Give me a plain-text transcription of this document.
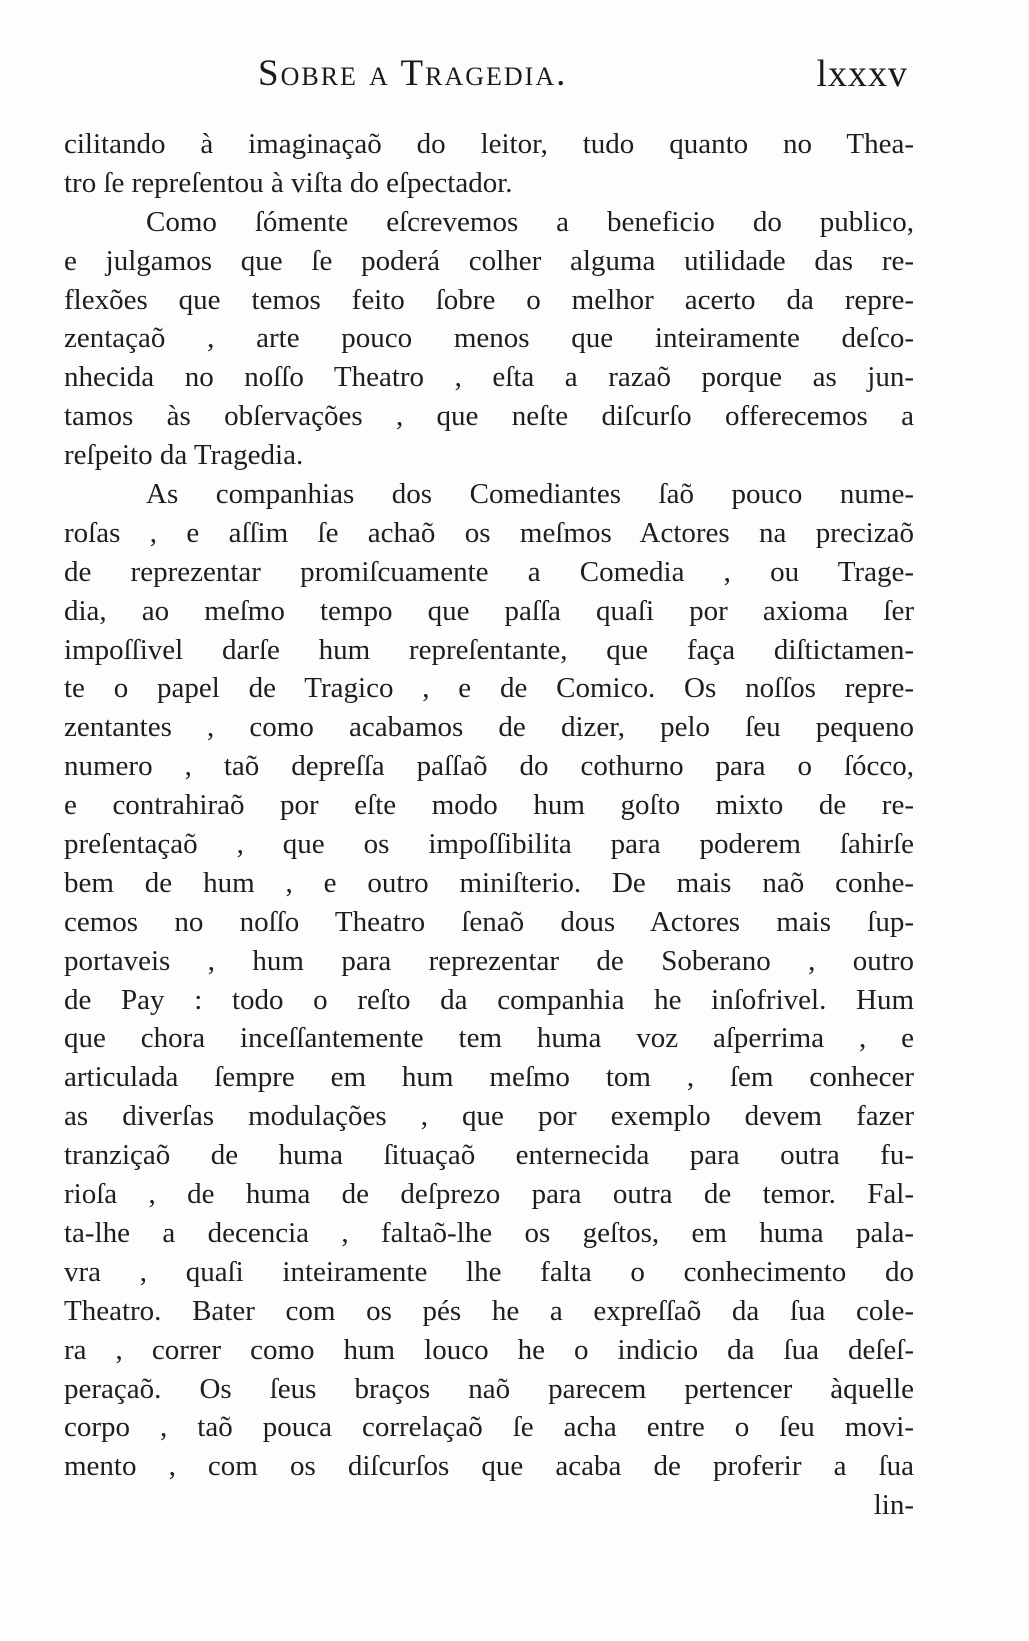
Sobre a Tragedia.	lxxxv
cilitando à imaginaçaõ do leitor, tudo quanto no Thea-
tro ſe repreſentou à viſta do eſpectador.
Como ſómente eſcrevemos a beneficio do publico,
e julgamos que ſe poderá colher alguma utilidade das re-
flexões que temos feito ſobre o melhor acerto da repre-
zentaçaõ , arte pouco menos que inteiramente deſco-
nhecida no noſſo Theatro , eſta a razaõ porque as jun-
tamos às obſervações , que neſte diſcurſo offerecemos a
reſpeito da Tragedia.
As companhias dos Comediantes ſaõ pouco nume-
roſas , e aſſim ſe achaõ os meſmos Actores na precizaõ
de reprezentar promiſcuamente a Comedia , ou Trage-
dia, ao meſmo tempo que paſſa quaſi por axioma ſer
impoſſivel darſe hum repreſentante, que faça diſtictamen-
te o papel de Tragico , e de Comico. Os noſſos repre-
zentantes , como acabamos de dizer, pelo ſeu pequeno
numero , taõ depreſſa paſſaõ do cothurno para o ſócco,
e contrahiraõ por eſte modo hum goſto mixto de re-
preſentaçaõ , que os impoſſibilita para poderem ſahirſe
bem de hum , e outro miniſterio. De mais naõ conhe-
cemos no noſſo Theatro ſenaõ dous Actores mais ſup-
portaveis , hum para reprezentar de Soberano , outro
de Pay : todo o reſto da companhia he inſofrivel. Hum
que chora inceſſantemente tem huma voz aſperrima , e
articulada ſempre em hum meſmo tom , ſem conhecer
as diverſas modulações , que por exemplo devem fazer
tranziçaõ de huma ſituaçaõ enternecida para outra fu-
rioſa , de huma de deſprezo para outra de temor. Fal-
ta-lhe a decencia , faltaõ-lhe os geſtos, em huma pala-
vra , quaſi inteiramente lhe falta o conhecimento do
Theatro. Bater com os pés he a expreſſaõ da ſua cole-
ra , correr como hum louco he o indicio da ſua deſeſ-
peraçaõ. Os ſeus braços naõ parecem pertencer àquelle
corpo , taõ pouca correlaçaõ ſe acha entre o ſeu movi-
mento , com os diſcurſos que acaba de proferir a ſua
lin-
